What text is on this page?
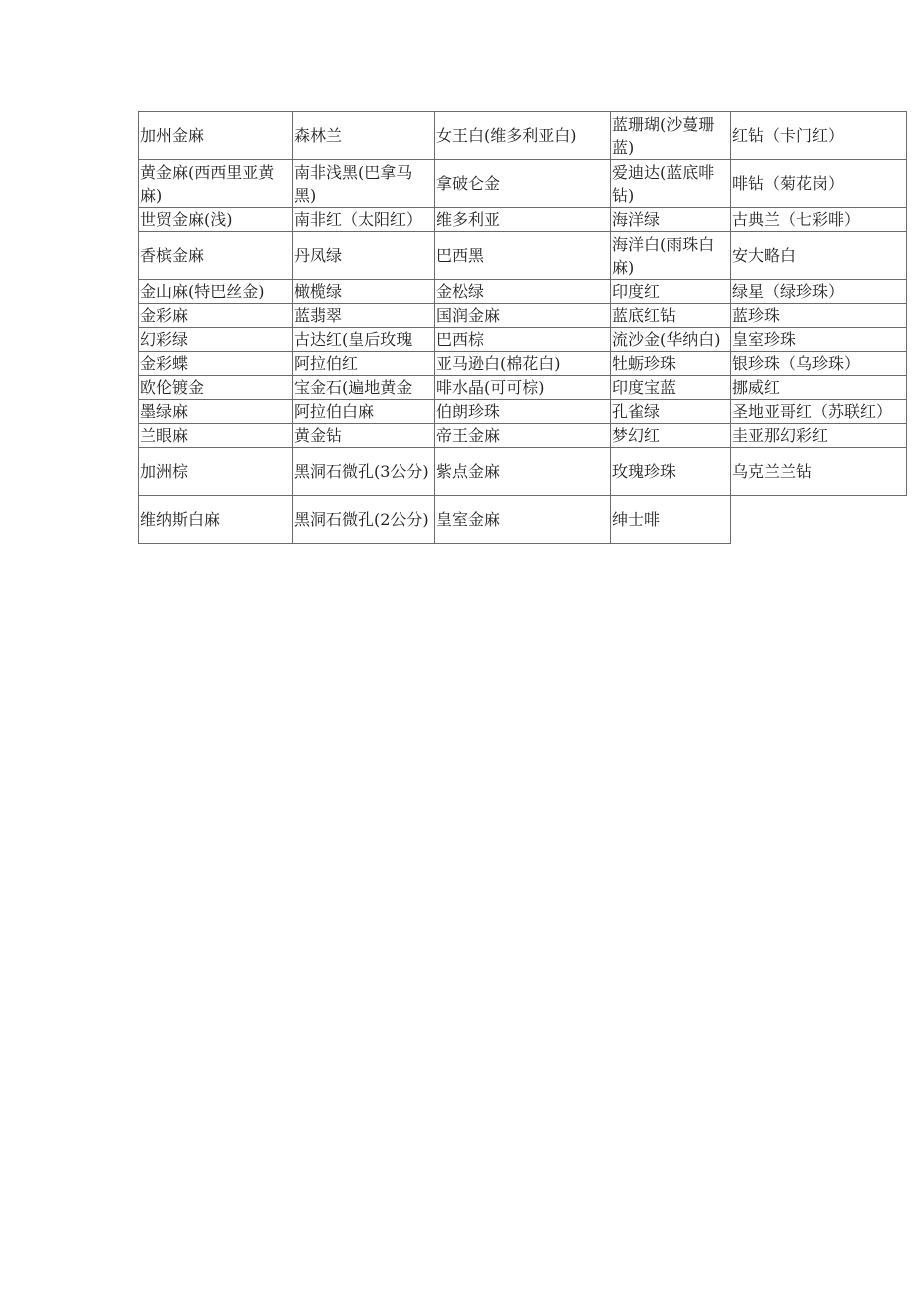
加州金麻	森林兰	女王白(维多利亚白)	蓝珊瑚(沙蔓珊蓝)	红钻（卡门红）
黄金麻(西西里亚黄麻)	南非浅黑(巴拿马黑)	拿破仑金	爱迪达(蓝底啡钻)	啡钻（菊花岗）
世贸金麻(浅)	南非红（太阳红）	维多利亚	海洋绿	古典兰（七彩啡）
香槟金麻	丹凤绿	巴西黑	海洋白(雨珠白麻)	安大略白
金山麻(特巴丝金)	橄榄绿	金松绿	印度红	绿星（绿珍珠）
金彩麻	蓝翡翠	国润金麻	蓝底红钻	蓝珍珠
幻彩绿	古达红(皇后玫瑰	巴西棕	流沙金(华纳白)	皇室珍珠
金彩蝶	阿拉伯红	亚马逊白(棉花白)	牡蛎珍珠	银珍珠（乌珍珠）
欧伦镀金	宝金石(遍地黄金	啡水晶(可可棕)	印度宝蓝	挪威红
墨绿麻	阿拉伯白麻	伯朗珍珠	孔雀绿	圣地亚哥红（苏联红）
兰眼麻	黄金钻	帝王金麻	梦幻红	圭亚那幻彩红
加洲棕	黑洞石微孔(3公分)	紫点金麻	玫瑰珍珠	乌克兰兰钻
维纳斯白麻	黑洞石微孔(2公分)	皇室金麻	绅士啡	
